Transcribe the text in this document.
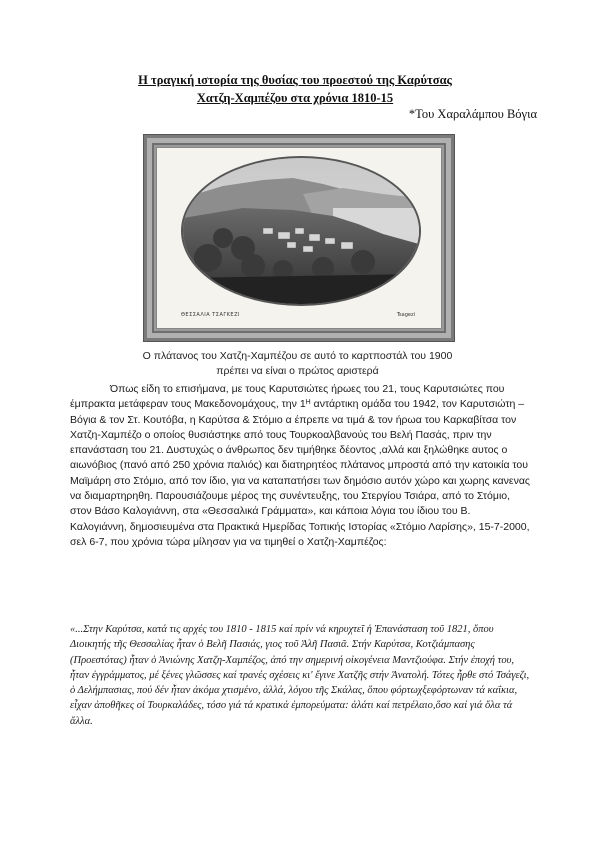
Η τραγική ιστορία της θυσίας του προεστού της Καρύτσας
Χατζη-Χαμπέζου στα χρόνια 1810-15
*Του Χαραλάμπου Βόγια
ΘΕΣΣΑΛΙΑ ΤΣΑΓΚΕΖΙ	Tsagezi
Ο πλάτανος του Χατζη-Χαμπέζου σε αυτό το καρτποστάλ του 1900
πρέπει να είναι ο πρώτος αριστερά

Όπως είδη το επισήμανα, με τους Καρυτσιώτες ήρωες του 21, τους Καρυτσιώτες που έμπρακτα μετάφεραν τους Μακεδονομάχους, την $1^H$ αντάρτικη ομάδα του 1942, τον Καρυτσιώτη – Βόγια & τον Στ. Κουτόβα, η Καρύτσα & Στόμιο α έπρεπε να τιμά & τον ήρωα του Καρκαβίτσα τον Χατζη-Χαμπέζο ο οποίος θυσιάστηκε από τους Τουρκοαλβανούς του Βελή Πασάς, πριν την επανάσταση του 21. Δυστυχώς ο άνθρωπος δεν τιμήθηκε δέοντος ,αλλά και ξηλώθηκε αυτος ο αιωνόβιος (πανό από 250 χρόνια παλιός) και διατηρητέος πλάτανος μπροστά από την κατοικία του Μαϊμάρη στο Στόμιο, από τον ίδιο, για να καταπατήσει των δημόσιο αυτόν χώρο και χωρης κανενας να διαμαρτηρηθη. Παρουσιάζουμε μέρος της συνέντευξης, του Στεργίου Τσιάρα, από το Στόμιο, στον Βάσο Καλογιάννη, στα «Θεσσαλικά Γράμματα», και κάποια λόγια του ίδιου του Β. Καλογιάννη, δημοσιευμένα στα Πρακτικά Ημερίδας Τοπικής Ιστορίας «Στόμιο Λαρίσης», 15-7-2000, σελ 6-7, που χρόνια τώρα μίλησαν για να τιμηθεί ο Χατζη-Χαμπέζος:

«...Στην Καρύτσα, κατά τις αρχές του 1810 - 1815 καί πρίν νά κηρυχτεῖ ἡ Ἐπανάσταση τοῦ 1821, ὅπου Διοικητής τῆς Θεσσαλίας ἦταν ὁ Βελῆ Πασιάς, γιος τοῦ Ἀλῆ Πασιᾶ. Στήν Καρύτσα, Κοτζιάμπασης (Προεστότας) ἦταν ὁ Ἀνιώνης Χατζη-Χαμπέζος, ἀπό την σημερινή οἰκογένεια Μαντζιούφα. Στήν ἐποχή του, ἦταν ἐγγράμματος, μέ ξένες γλῶσσες καί τρανές σχέσεις κι' ἔγινε Χατζῆς στήν Ἀνατολή. Τότες ἦρθε στό Τσάγεζι, ὁ Δελήμπασιας, πού δέν ἦταν ἀκόμα χτισμένο, ἀλλά, λόγου τῆς Σκάλας, ὅπου φόρτωχξεφόρτωναν τά καΐκια, εἶχαν ἀποθῆκες οἱ Τουρκαλάδες, τόσο γιά τά κρατικά ἐμπορεύματα: ἀλάτι καί πετρέλαιο,ὅσο καί γιά ὅλα τά ἄλλα.
